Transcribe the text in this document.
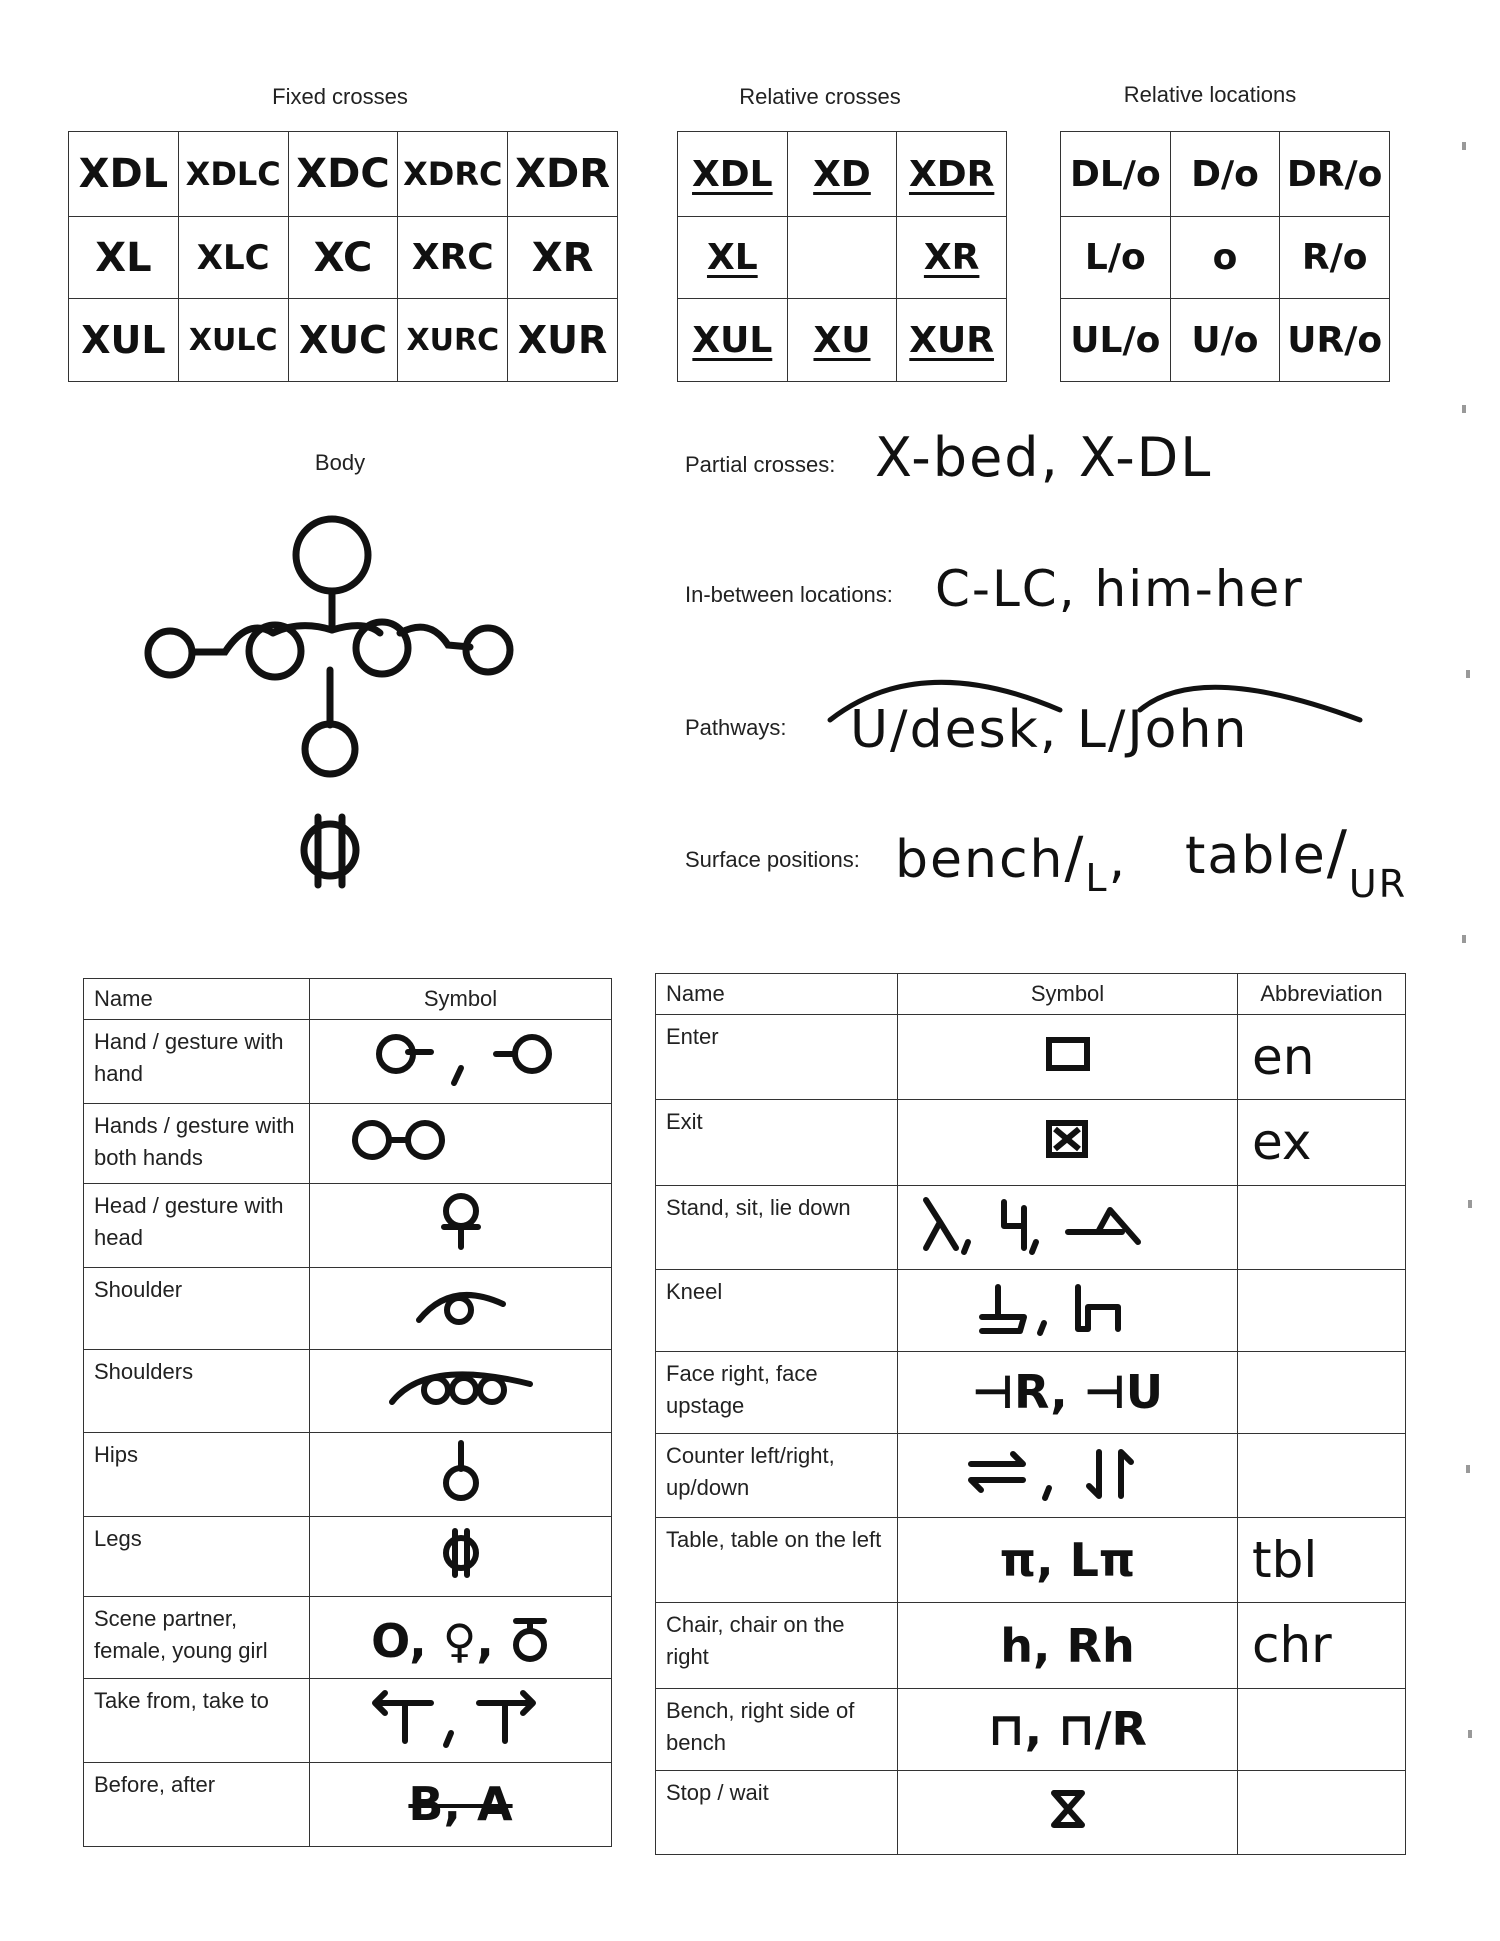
Fixed crosses	Relative crosses	Relative locations
XDL	XDLC	XDC	XDRC	XDR
XL	XLC	XC	XRC	XR
XUL	XULC	XUC	XURC	XUR
XDL	XD	XDR
XL		XR
XUL	XU	XUR
DL/o	D/o	DR/o
L/o	o	R/o
UL/o	U/o	UR/o
Body	Partial crosses: X-bed, X-DL
In-between locations: C-LC, him-her
Pathways: U/desk, L/John
Surface positions: bench/$_L$, table/$_{UR}$
Name	Symbol
Hand / gesture with hand	
Hands / gesture with both hands	
Head / gesture with head	
Shoulder	
Shoulders	
Hips	
Legs	
Scene partner, female, young girl	O, ♀,
Take from, take to	
Before, after	B, A
Name	Symbol	Abbreviation
Enter		en
Exit		ex
Stand, sit, lie down		
Kneel		
Face right, face upstage	⊣R, ⊣U	
Counter left/right, up/down		
Table, table on the left	π, Lπ	tbl
Chair, chair on the right	h, Rh	chr
Bench, right side of bench	⊓, ⊓/R	
Stop / wait		
